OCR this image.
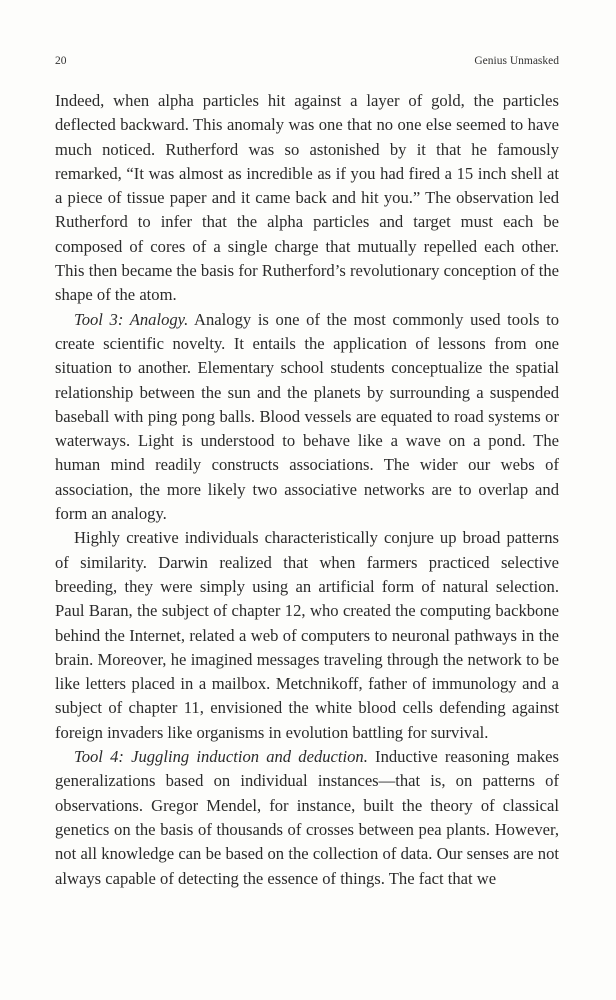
20	Genius Unmasked

Indeed, when alpha particles hit against a layer of gold, the particles deflected backward. This anomaly was one that no one else seemed to have much noticed. Rutherford was so astonished by it that he famously remarked, “It was almost as incredible as if you had fired a 15 inch shell at a piece of tissue paper and it came back and hit you.” The observation led Rutherford to infer that the alpha particles and target must each be composed of cores of a single charge that mutually repelled each other. This then became the basis for Rutherford’s revolutionary conception of the shape of the atom.

Tool 3: Analogy. Analogy is one of the most commonly used tools to create scientific novelty. It entails the application of lessons from one situation to another. Elementary school students conceptualize the spatial relationship between the sun and the planets by surrounding a suspended baseball with ping pong balls. Blood vessels are equated to road systems or waterways. Light is understood to behave like a wave on a pond. The human mind readily constructs associations. The wider our webs of association, the more likely two associative networks are to overlap and form an analogy.

Highly creative individuals characteristically conjure up broad patterns of similarity. Darwin realized that when farmers practiced selective breeding, they were simply using an artificial form of natural selection. Paul Baran, the subject of chapter 12, who created the computing backbone behind the Internet, related a web of computers to neuronal pathways in the brain. Moreover, he imagined messages traveling through the network to be like letters placed in a mailbox. Metchnikoff, father of immunology and a subject of chapter 11, envisioned the white blood cells defending against foreign invaders like organisms in evolution battling for survival.

Tool 4: Juggling induction and deduction. Inductive reasoning makes generalizations based on individual instances—that is, on patterns of observations. Gregor Mendel, for instance, built the theory of classical genetics on the basis of thousands of crosses between pea plants. However, not all knowledge can be based on the collection of data. Our senses are not always capable of detecting the essence of things. The fact that we
